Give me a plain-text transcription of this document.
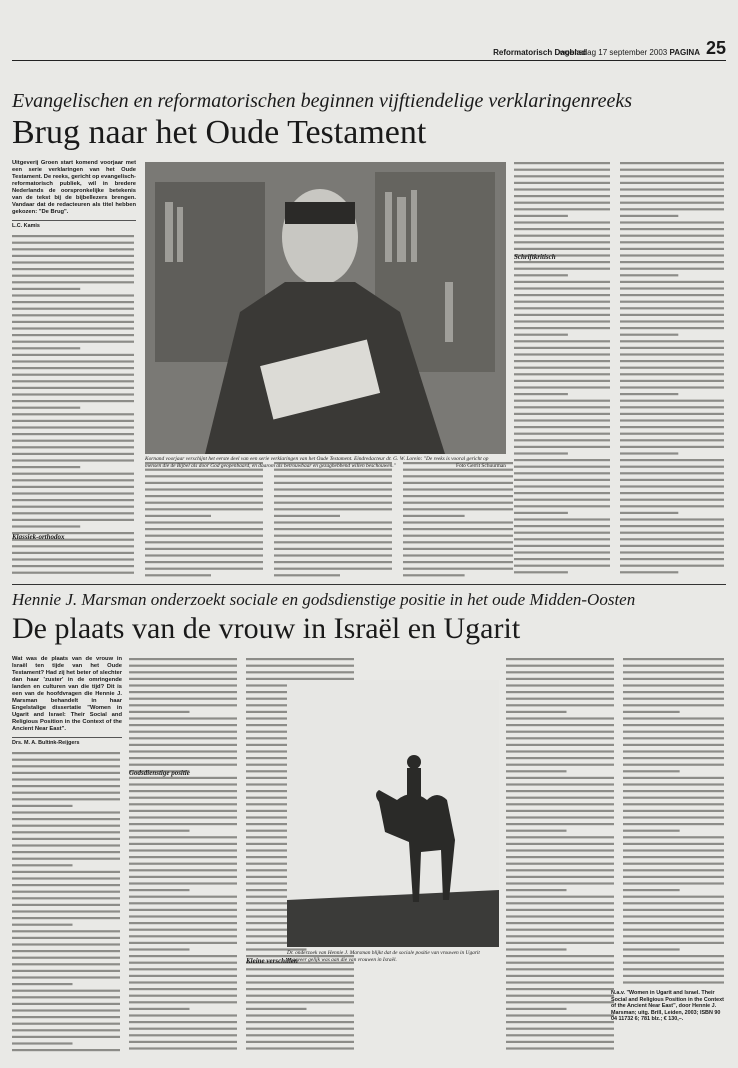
Reformatorisch Dagblad
woensdag 17 september 2003 PAGINA 25
Evangelischen en reformatorischen beginnen vijftiendelige verklaringenreeks
Brug naar het Oude Testament
Uitgeverij Groen start komend voorjaar met een serie verklaringen van het Oude Testament. De reeks, gericht op evangelisch-reformatorisch publiek, wil in bredere Nederlands de oorspronkelijke betekenis van de tekst bij de bijbellezers brengen. Vandaar dat de redacteuren als titel hebben gekozen: "De Brug".
L.C. Kamis
Klassiek-orthodox
Schriftkritisch
Kornand voorjaar verschijnt het eerste deel van een serie verklaringen van het Oude Testament. Eindredacteur dr. G. W. Lorein: "De reeks is vooral gericht op mensen die de Bijbel als door God geopenbaard, en daarom als betrouwbaar en gezaghebbend willen beschouwen."	Foto Gerrit Schuurman
Hennie J. Marsman onderzoekt sociale en godsdienstige positie in het oude Midden-Oosten
De plaats van de vrouw in Israël en Ugarit
Wat was de plaats van de vrouw in Israël ten tijde van het Oude Testament? Had zij het beter of slechter dan haar 'zuster' in de omringende landen en culturen van die tijd? Dit is een van de hoofdvragen die Hennie J. Marsman behandelt in haar Engelstalige dissertatie "Women in Ugarit and Israel: Their Social and Religious Position in the Context of the Ancient Near East".
Drs. M. A. Bultink-Reijgers
Godsdienstige positie
Kleine verschillen
Dr. onderzoek van Hennie J. Marsman blijkt dat de sociale positie van vrouwen in Ugarit ongeveer gelijk was aan die van vrouwen in Israël.
N.a.v. "Women in Ugarit and Israel. Their Social and Religious Position in the Context of the Ancient Near East", door Hennie J. Marsman; uitg. Brill, Leiden, 2003; ISBN 90 04 11732 6; 781 blz.; € 130,–.
